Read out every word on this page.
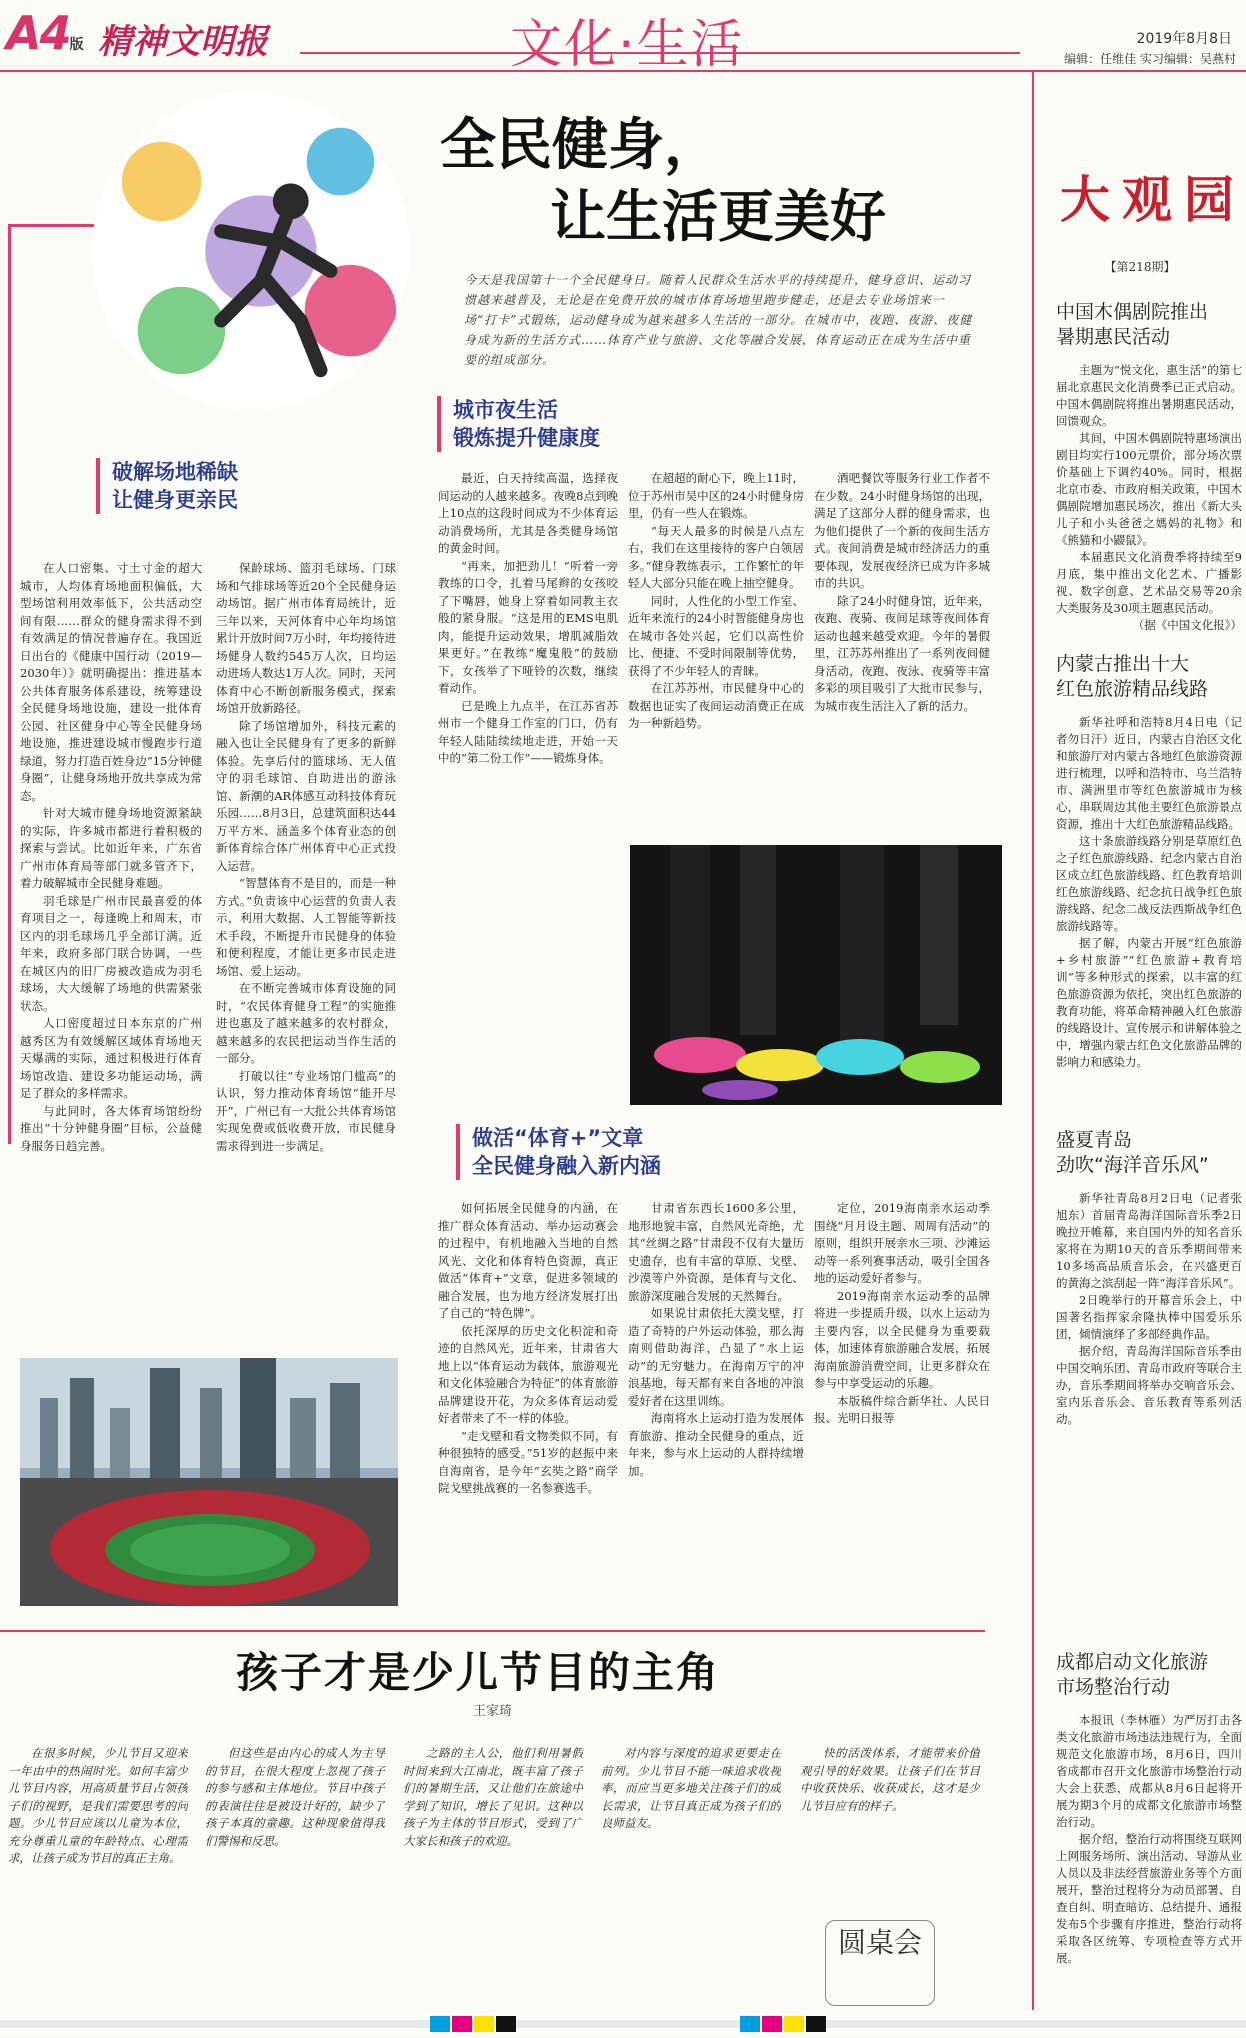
A4版 精神文明报	文化·生活	2019年8月8日
编辑：任维佳 实习编辑：吴燕村
全民健身，
让生活更美好
今天是我国第十一个全民健身日。随着人民群众生活水平的持续提升，健身意识、运动习惯越来越普及，无论是在免费开放的城市体育场地里跑步健走，还是去专业场馆来一场“打卡”式锻炼，运动健身成为越来越多人生活的一部分。在城市中，夜跑、夜游、夜健身成为新的生活方式……体育产业与旅游、文化等融合发展，体育运动正在成为生活中重要的组成部分。
破解场地稀缺
让健身更亲民

在人口密集、寸土寸金的超大城市，人均体育场地面积偏低，大型场馆利用效率低下，公共活动空间有限……群众的健身需求得不到有效满足的情况普遍存在。我国近日出台的《健康中国行动（2019—2030年）》就明确提出：推进基本公共体育服务体系建设，统筹建设全民健身场地设施，建设一批体育公园、社区健身中心等全民健身场地设施，推进建设城市慢跑步行道绿道，努力打造百姓身边“15分钟健身圈”，让健身场地开放共享成为常态。

针对大城市健身场地资源紧缺的实际，许多城市都进行着积极的探索与尝试。比如近年来，广东省广州市体育局等部门就多管齐下，着力破解城市全民健身难题。

羽毛球是广州市民最喜爱的体育项目之一，每逢晚上和周末，市区内的羽毛球场几乎全部订满。近年来，政府多部门联合协调，一些在城区内的旧厂房被改造成为羽毛球场，大大缓解了场地的供需紧张状态。

人口密度超过日本东京的广州越秀区为有效缓解区域体育场地天天爆满的实际，通过积极进行体育场馆改造、建设多功能运动场，满足了群众的多样需求。

与此同时，各大体育场馆纷纷推出“十分钟健身圈”目标，公益健身服务日趋完善。

保龄球场、篮羽毛球场、门球场和气排球场等近20个全民健身运动场馆。据广州市体育局统计，近三年以来，天河体育中心年均场馆累计开放时间7万小时，年均接待进场健身人数约545万人次，日均运动进场人数达1万人次。同时，天河体育中心不断创新服务模式，探索场馆开放新路径。

除了场馆增加外，科技元素的融入也让全民健身有了更多的新鲜体验。先享后付的篮球场、无人值守的羽毛球馆、自助进出的游泳馆、新潮的AR体感互动科技体育玩乐园……8月3日，总建筑面积达44万平方米、涵盖多个体育业态的创新体育综合体广州体育中心正式投入运营。

“智慧体育不是目的，而是一种方式。”负责该中心运营的负责人表示，利用大数据、人工智能等新技术手段，不断提升市民健身的体验和便利程度，才能让更多市民走进场馆、爱上运动。

在不断完善城市体育设施的同时，“农民体育健身工程”的实施推进也惠及了越来越多的农村群众，越来越多的农民把运动当作生活的一部分。

打破以往“专业场馆门槛高”的认识，努力推动体育场馆“能开尽开”，广州已有一大批公共体育场馆实现免费或低收费开放，市民健身需求得到进一步满足。

城市夜生活
锻炼提升健康度

最近，白天持续高温，选择夜间运动的人越来越多。夜晚8点到晚上10点的这段时间成为不少体育运动消费场所，尤其是各类健身场馆的黄金时间。

“再来，加把劲儿！”听着一旁教练的口令，扎着马尾辫的女孩咬了下嘴唇，她身上穿着如同教主衣般的紧身服。“这是用的EMS电肌肉，能提升运动效果，增肌减脂效果更好。”在教练“魔鬼般”的鼓励下，女孩举了下哑铃的次数，继续着动作。

已是晚上九点半，在江苏省苏州市一个健身工作室的门口，仍有年轻人陆陆续续地走进，开始一天中的“第二份工作”——锻炼身体。

在超超的耐心下，晚上11时，位于苏州市吴中区的24小时健身房里，仍有一些人在锻炼。

“每天人最多的时候是八点左右，我们在这里接待的客户白领居多。”健身教练表示，工作繁忙的年轻人大部分只能在晚上抽空健身。

同时，人性化的小型工作室、近年来流行的24小时智能健身房也在城市各处兴起，它们以高性价比、便捷、不受时间限制等优势，获得了不少年轻人的青睐。

在江苏苏州，市民健身中心的数据也证实了夜间运动消费正在成为一种新趋势。

酒吧餐饮等服务行业工作者不在少数。24小时健身场馆的出现，满足了这部分人群的健身需求，也为他们提供了一个新的夜间生活方式。夜间消费是城市经济活力的重要体现，发展夜经济已成为许多城市的共识。

除了24小时健身馆，近年来，夜跑、夜骑、夜间足球等夜间体育运动也越来越受欢迎。今年的暑假里，江苏苏州推出了一系列夜间健身活动，夜跑、夜泳、夜骑等丰富多彩的项目吸引了大批市民参与，为城市夜生活注入了新的活力。

做活“体育+”文章
全民健身融入新内涵

如何拓展全民健身的内涵，在推广群众体育活动、举办运动赛会的过程中，有机地融入当地的自然风光、文化和体育特色资源，真正做活“体育+”文章，促进多领域的融合发展，也为地方经济发展打出了自己的“特色牌”。

依托深厚的历史文化积淀和奇迹的自然风光，近年来，甘肃省大地上以“体育运动为载体，旅游观光和文化体验融合为特征”的体育旅游品牌建设开花，为众多体育运动爱好者带来了不一样的体验。

“走戈壁和看文物类似不同，有种很独特的感受。”51岁的赵振中来自海南省，是今年“玄奘之路”商学院戈壁挑战赛的一名参赛选手。

甘肃省东西长1600多公里，地形地貌丰富，自然风光奇绝，尤其“丝绸之路”甘肃段不仅有大量历史遗存，也有丰富的草原、戈壁、沙漠等户外资源，是体育与文化、旅游深度融合发展的天然舞台。

如果说甘肃依托大漠戈壁，打造了奇特的户外运动体验，那么海南则借助海洋，凸显了“水上运动”的无穷魅力。在海南万宁的冲浪基地，每天都有来自各地的冲浪爱好者在这里训练。

海南将水上运动打造为发展体育旅游、推动全民健身的重点，近年来，参与水上运动的人群持续增加。

定位，2019海南亲水运动季围绕“月月设主题、周周有活动”的原则，组织开展亲水三项、沙滩运动等一系列赛事活动，吸引全国各地的运动爱好者参与。

2019海南亲水运动季的品牌将进一步提质升级，以水上运动为主要内容，以全民健身为重要载体，加速体育旅游融合发展，拓展海南旅游消费空间，让更多群众在参与中享受运动的乐趣。

本版稿件综合新华社、人民日报、光明日报等

孩子才是少儿节目的主角
王家琦

在很多时候，少儿节目又迎来一年由中的热闹时光。如何丰富少儿节目内容，用高质量节目占领孩子们的视野，是我们需要思考的问题。少儿节目应该以儿童为本位，充分尊重儿童的年龄特点、心理需求，让孩子成为节目的真正主角。

但这些是由内心的成人为主导的节目，在很大程度上忽视了孩子的参与感和主体地位。节目中孩子的表演往往是被设计好的，缺少了孩子本真的童趣。这种现象值得我们警惕和反思。

之路的主人公，他们利用暑假时间来到大江南北，既丰富了孩子们的暑期生活，又让他们在旅途中学到了知识，增长了见识。这种以孩子为主体的节目形式，受到了广大家长和孩子的欢迎。

对内容与深度的追求更要走在前列。少儿节目不能一味追求收视率，而应当更多地关注孩子们的成长需求，让节目真正成为孩子们的良师益友。

快的活泼体系，才能带来价值观引导的好效果。让孩子们在节目中收获快乐、收获成长，这才是少儿节目应有的样子。

圆桌会
大观园
【第218期】
中国木偶剧院推出
暑期惠民活动

主题为“悦文化，惠生活”的第七届北京惠民文化消费季已正式启动。中国木偶剧院将推出暑期惠民活动，回馈观众。

其间，中国木偶剧院特惠场演出剧目均实行100元票价，部分场次票价基础上下调约40%。同时，根据北京市委、市政府相关政策，中国木偶剧院增加惠民场次，推出《新大头儿子和小头爸爸之媽妈的礼物》和《熊猫和小鼹鼠》。

本届惠民文化消费季将持续至9月底，集中推出文化艺术、广播影视、数字创意、艺术品交易等20余大类服务及30项主题惠民活动。

（据《中国文化报》）

内蒙古推出十大
红色旅游精品线路

新华社呼和浩特8月4日电（记者勿日汗）近日，内蒙古自治区文化和旅游厅对内蒙古各地红色旅游资源进行梳理，以呼和浩特市、乌兰浩特市、满洲里市等红色旅游城市为核心，串联周边其他主要红色旅游景点资源，推出十大红色旅游精品线路。

这十条旅游线路分别是草原红色之子红色旅游线路、纪念内蒙古自治区成立红色旅游线路、红色教育培训红色旅游线路、纪念抗日战争红色旅游线路、纪念二战反法西斯战争红色旅游线路等。

据了解，内蒙古开展“红色旅游+乡村旅游”“红色旅游+教育培训”等多种形式的探索，以丰富的红色旅游资源为依托，突出红色旅游的教育功能，将革命精神融入红色旅游的线路设计、宣传展示和讲解体验之中，增强内蒙古红色文化旅游品牌的影响力和感染力。

盛夏青岛
劲吹“海洋音乐风”

新华社青岛8月2日电（记者张旭东）首届青岛海洋国际音乐季2日晚拉开帷幕，来自国内外的知名音乐家将在为期10天的音乐季期间带来10多场高品质音乐会，在兴盛更百的黄海之滨刮起一阵“海洋音乐风”。

2日晚举行的开幕音乐会上，中国著名指挥家余隆执棒中国爱乐乐团，倾情演绎了多部经典作品。

据介绍，青岛海洋国际音乐季由中国交响乐团、青岛市政府等联合主办，音乐季期间将举办交响音乐会、室内乐音乐会、音乐教育等系列活动。

成都启动文化旅游
市场整治行动

本报讯（李林雁）为严厉打击各类文化旅游市场违法违规行为，全面规范文化旅游市场，8月6日，四川省成都市召开文化旅游市场整治行动大会上获悉，成都从8月6日起将开展为期3个月的成都文化旅游市场整治行动。

据介绍，整治行动将围绕互联网上网服务场所、演出活动、导游从业人员以及非法经营旅游业务等个方面展开，整治过程将分为动员部署、自查自纠、明查暗访、总结提升、通报发布5个步骤有序推进，整治行动将采取各区统筹、专项检查等方式开展。
